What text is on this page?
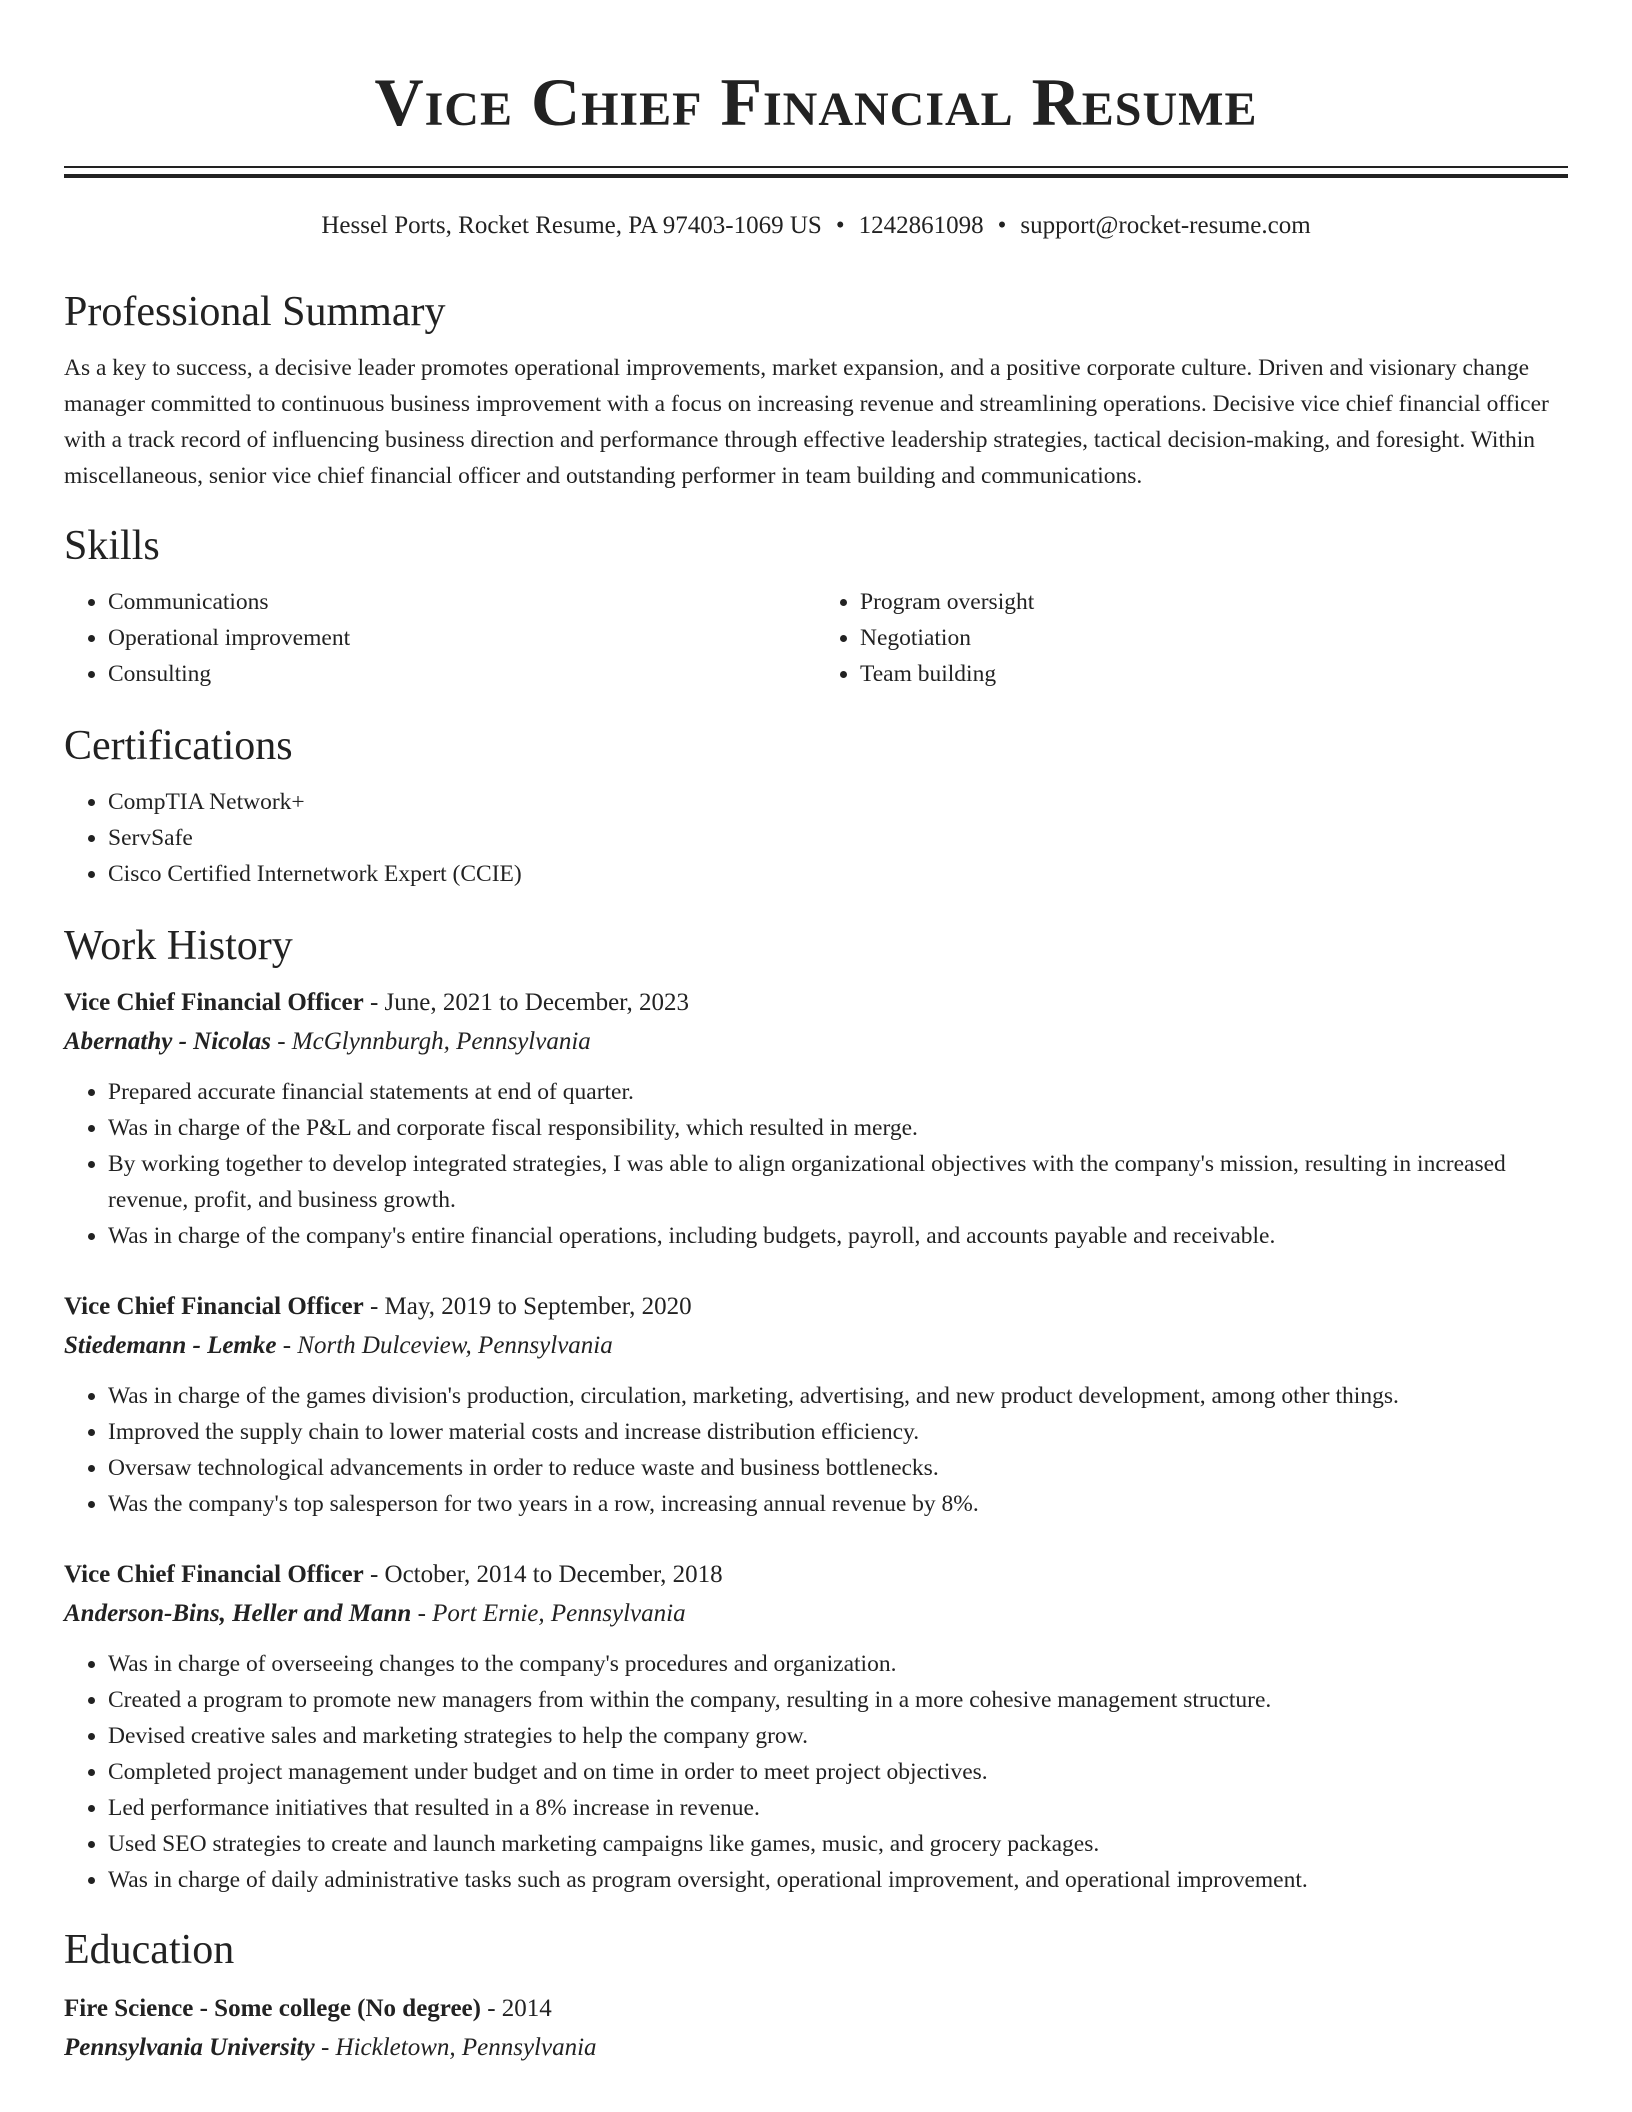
Vice Chief Financial Resume
Hessel Ports, Rocket Resume, PA 97403-1069 US • 1242861098 • support@rocket-resume.com
Professional Summary

As a key to success, a decisive leader promotes operational improvements, market expansion, and a positive corporate culture. Driven and visionary change manager committed to continuous business improvement with a focus on increasing revenue and streamlining operations. Decisive vice chief financial officer with a track record of influencing business direction and performance through effective leadership strategies, tactical decision-making, and foresight. Within miscellaneous, senior vice chief financial officer and outstanding performer in team building and communications.

Skills
• Communications
• Operational improvement
• Consulting
• Program oversight
• Negotiation
• Team building
Certifications
• CompTIA Network+
• ServSafe
• Cisco Certified Internetwork Expert (CCIE)
Work History
Vice Chief Financial Officer - June, 2021 to December, 2023
Abernathy - Nicolas - McGlynnburgh, Pennsylvania
• Prepared accurate financial statements at end of quarter.
• Was in charge of the P&L and corporate fiscal responsibility, which resulted in merge.
• By working together to develop integrated strategies, I was able to align organizational objectives with the company's mission, resulting in increased revenue, profit, and business growth.
• Was in charge of the company's entire financial operations, including budgets, payroll, and accounts payable and receivable.
Vice Chief Financial Officer - May, 2019 to September, 2020
Stiedemann - Lemke - North Dulceview, Pennsylvania
• Was in charge of the games division's production, circulation, marketing, advertising, and new product development, among other things.
• Improved the supply chain to lower material costs and increase distribution efficiency.
• Oversaw technological advancements in order to reduce waste and business bottlenecks.
• Was the company's top salesperson for two years in a row, increasing annual revenue by 8%.
Vice Chief Financial Officer - October, 2014 to December, 2018
Anderson-Bins, Heller and Mann - Port Ernie, Pennsylvania
• Was in charge of overseeing changes to the company's procedures and organization.
• Created a program to promote new managers from within the company, resulting in a more cohesive management structure.
• Devised creative sales and marketing strategies to help the company grow.
• Completed project management under budget and on time in order to meet project objectives.
• Led performance initiatives that resulted in a 8% increase in revenue.
• Used SEO strategies to create and launch marketing campaigns like games, music, and grocery packages.
• Was in charge of daily administrative tasks such as program oversight, operational improvement, and operational improvement.
Education
Fire Science - Some college (No degree) - 2014
Pennsylvania University - Hickletown, Pennsylvania
